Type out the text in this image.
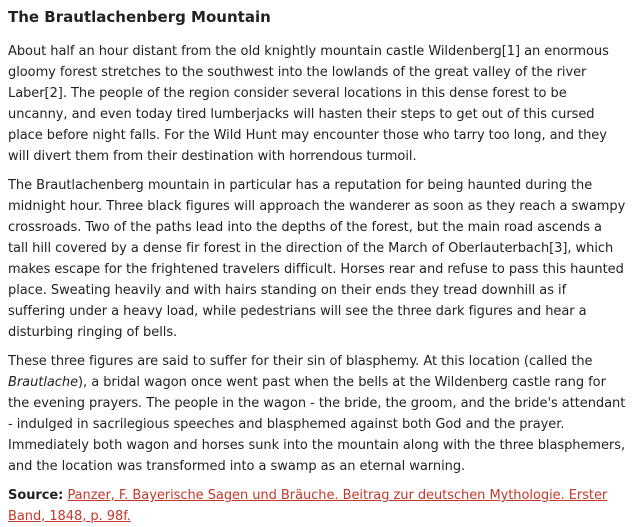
The Brautlachenberg Mountain

About half an hour distant from the old knightly mountain castle Wildenberg[1] an enormous gloomy forest stretches to the southwest into the lowlands of the great valley of the river Laber[2]. The people of the region consider several locations in this dense forest to be uncanny, and even today tired lumberjacks will hasten their steps to get out of this cursed place before night falls. For the Wild Hunt may encounter those who tarry too long, and they will divert them from their destination with horrendous turmoil.

The Brautlachenberg mountain in particular has a reputation for being haunted during the midnight hour. Three black figures will approach the wanderer as soon as they reach a swampy crossroads. Two of the paths lead into the depths of the forest, but the main road ascends a tall hill covered by a dense fir forest in the direction of the March of Oberlauterbach[3], which makes escape for the frightened travelers difficult. Horses rear and refuse to pass this haunted place. Sweating heavily and with hairs standing on their ends they tread downhill as if suffering under a heavy load, while pedestrians will see the three dark figures and hear a disturbing ringing of bells.

These three figures are said to suffer for their sin of blasphemy. At this location (called the Brautlache), a bridal wagon once went past when the bells at the Wildenberg castle rang for the evening prayers. The people in the wagon - the bride, the groom, and the bride's attendant - indulged in sacrilegious speeches and blasphemed against both God and the prayer. Immediately both wagon and horses sunk into the mountain along with the three blasphemers, and the location was transformed into a swamp as an eternal warning.

Source: Panzer, F. Bayerische Sagen und Bräuche. Beitrag zur deutschen Mythologie. Erster Band, 1848, p. 98f.
